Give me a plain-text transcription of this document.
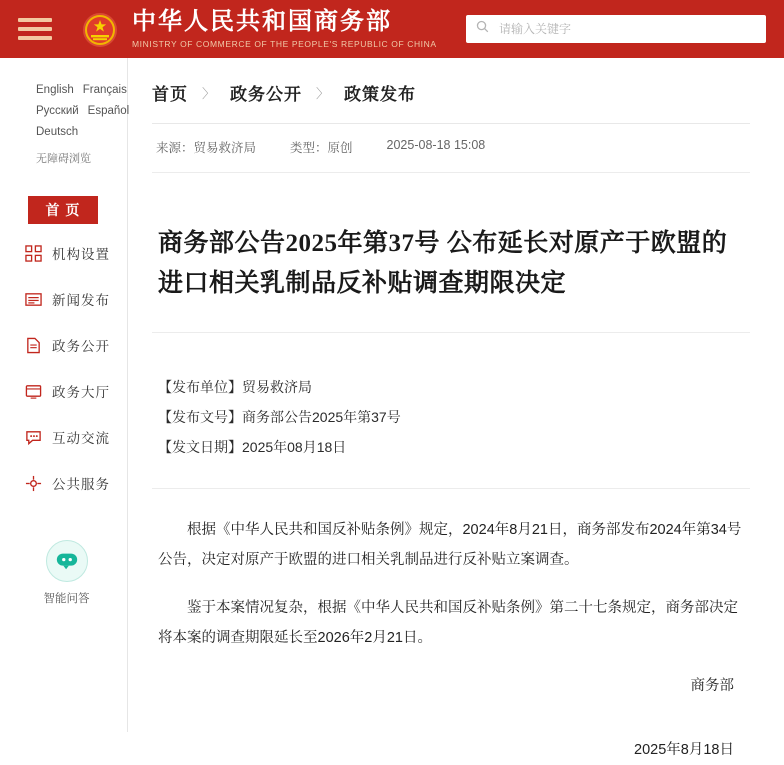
中华人民共和国商务部
MINISTRY OF COMMERCE OF THE PEOPLE'S REPUBLIC OF CHINA
请输入关键字
English Français
Русский Español
Deutsch
无障碍浏览
首 页
机构设置
新闻发布
政务公开
政务大厅
互动交流
公共服务
智能问答
首页 〉 政务公开 〉 政策发布
来源：贸易救济局	类型：原创	2025-08-18 15:08
商务部公告2025年第37号 公布延长对原产于欧盟的进口相关乳制品反补贴调查期限决定
【发布单位】贸易救济局
【发布文号】商务部公告2025年第37号
【发文日期】2025年08月18日

根据《中华人民共和国反补贴条例》规定，2024年8月21日，商务部发布2024年第34号公告，决定对原产于欧盟的进口相关乳制品进行反补贴立案调查。

鉴于本案情况复杂，根据《中华人民共和国反补贴条例》第二十七条规定，商务部决定将本案的调查期限延长至2026年2月21日。

商务部
2025年8月18日
